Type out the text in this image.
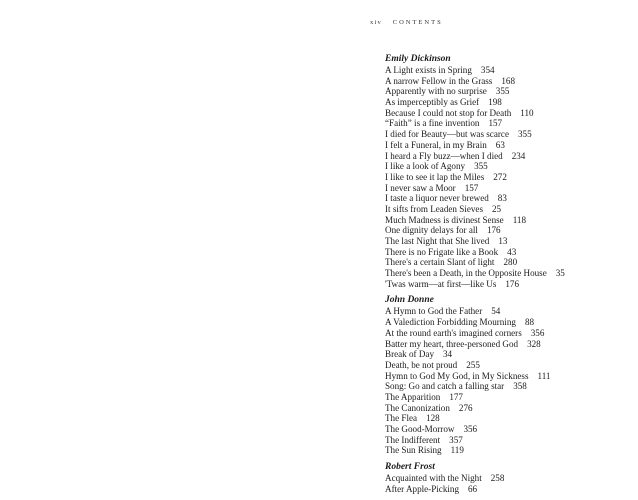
xiv CONTENTS
Emily Dickinson
A Light exists in Spring 354
A narrow Fellow in the Grass 168
Apparently with no surprise 355
As imperceptibly as Grief 198
Because I could not stop for Death 110
“Faith” is a fine invention 157
I died for Beauty—but was scarce 355
I felt a Funeral, in my Brain 63
I heard a Fly buzz—when I died 234
I like a look of Agony 355
I like to see it lap the Miles 272
I never saw a Moor 157
I taste a liquor never brewed 83
It sifts from Leaden Sieves 25
Much Madness is divinest Sense 118
One dignity delays for all 176
The last Night that She lived 13
There is no Frigate like a Book 43
There's a certain Slant of light 280
There's been a Death, in the Opposite House 35
'Twas warm—at first—like Us 176
John Donne
A Hymn to God the Father 54
A Valediction Forbidding Mourning 88
At the round earth's imagined corners 356
Batter my heart, three-personed God 328
Break of Day 34
Death, be not proud 255
Hymn to God My God, in My Sickness 111
Song: Go and catch a falling star 358
The Apparition 177
The Canonization 276
The Flea 128
The Good-Morrow 356
The Indifferent 357
The Sun Rising 119
Robert Frost
Acquainted with the Night 258
After Apple-Picking 66
